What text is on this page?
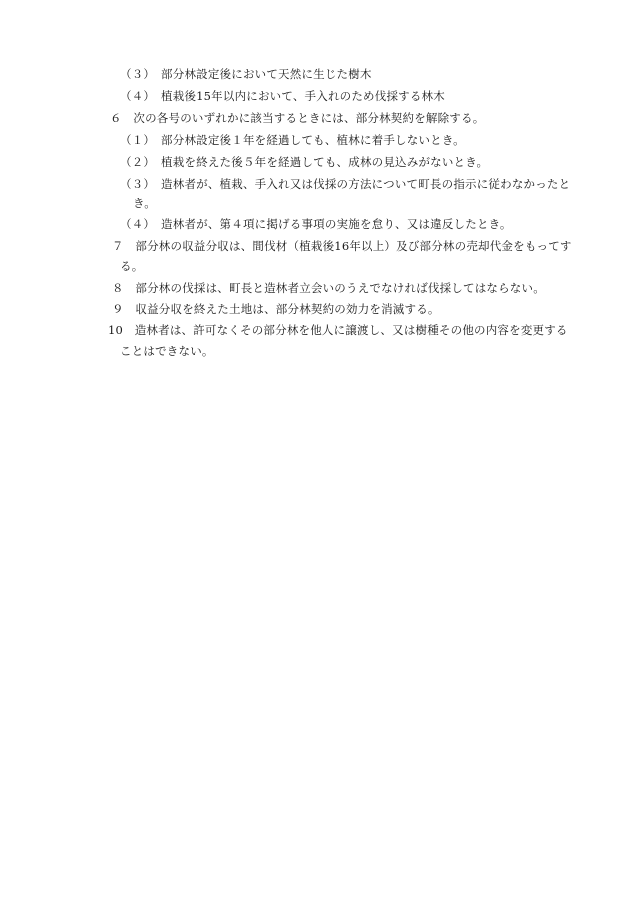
（３）　部分林設定後において天然に生じた樹木
（４）　植栽後15年以内において、手入れのため伐採する林木
６　次の各号のいずれかに該当するときには、部分林契約を解除する。
（１）　部分林設定後１年を経過しても、植林に着手しないとき。
（２）　植栽を終えた後５年を経過しても、成林の見込みがないとき。
（３）　造林者が、植栽、手入れ又は伐採の方法について町長の指示に従わなかったと
き。
（４）　造林者が、第４項に掲げる事項の実施を怠り、又は違反したとき。
７　部分林の収益分収は、間伐材（植栽後16年以上）及び部分林の売却代金をもってす
る。
８　部分林の伐採は、町長と造林者立会いのうえでなければ伐採してはならない。
９　収益分収を終えた土地は、部分林契約の効力を消滅する。
10　造林者は、許可なくその部分林を他人に譲渡し、又は樹種その他の内容を変更する
ことはできない。
